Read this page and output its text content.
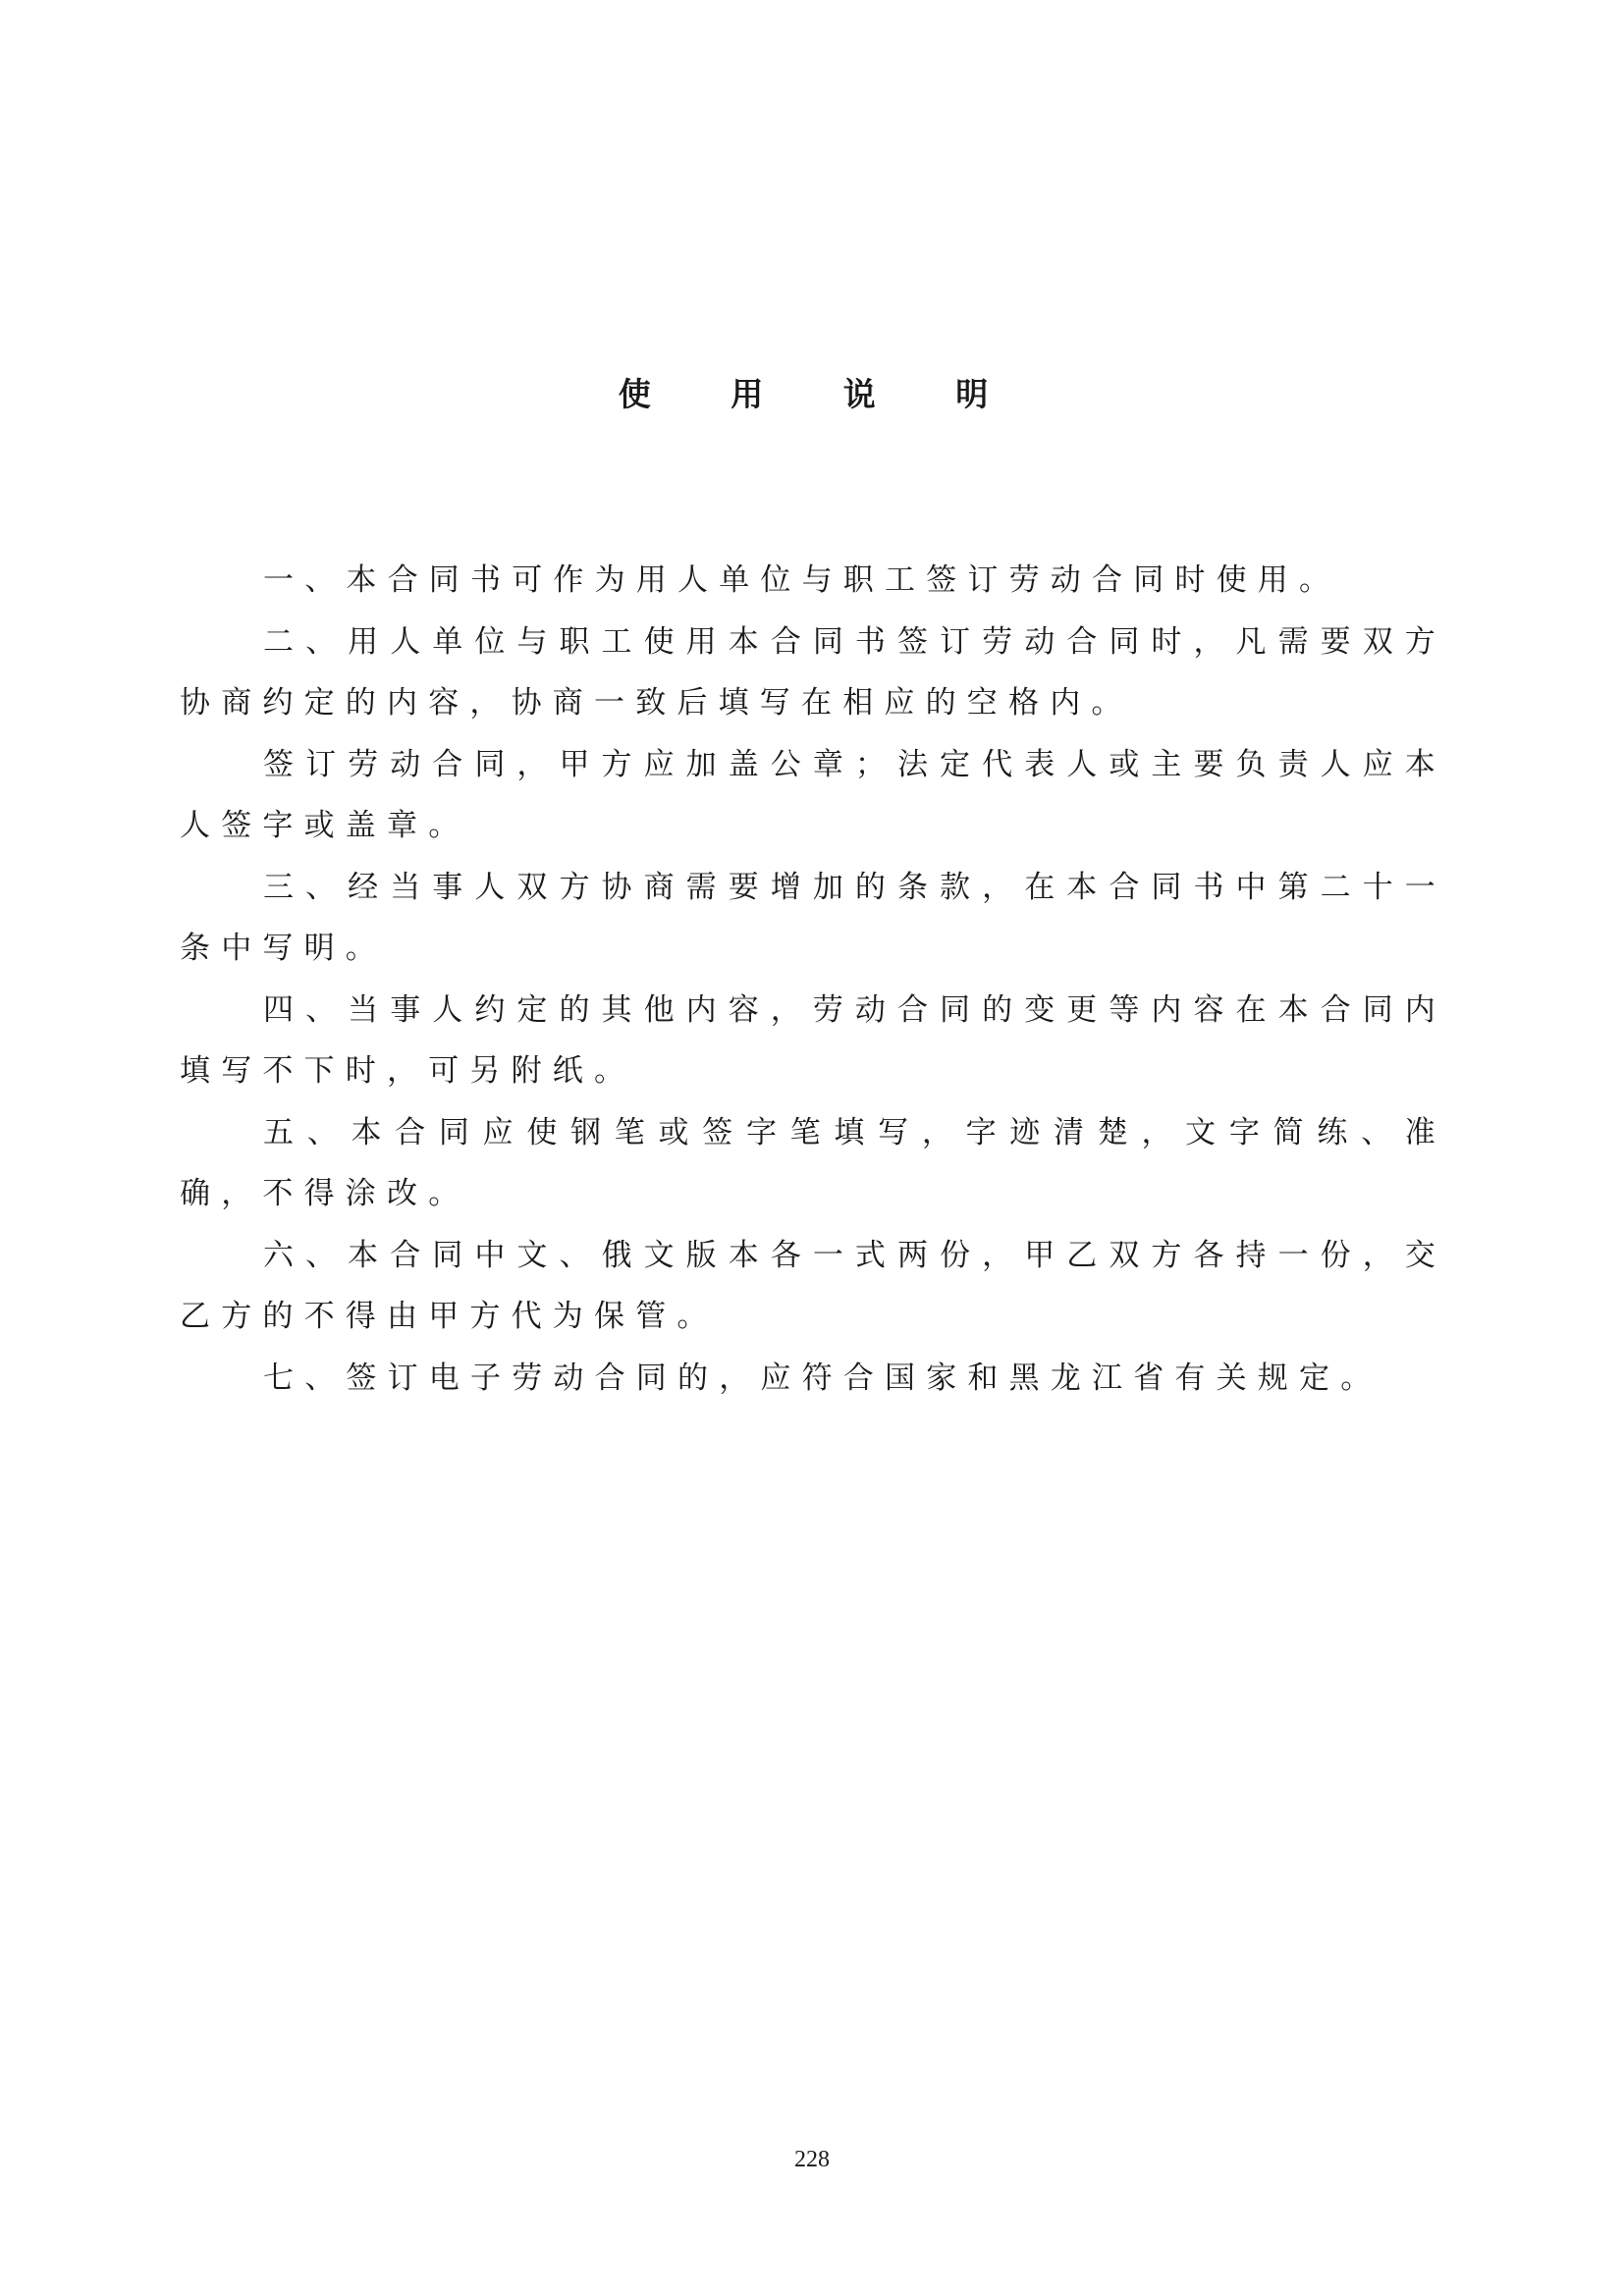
使 用 说 明

一、本合同书可作为用人单位与职工签订劳动合同时使用。

二、用人单位与职工使用本合同书签订劳动合同时，凡需要双方协商约定的内容，协商一致后填写在相应的空格内。

签订劳动合同，甲方应加盖公章；法定代表人或主要负责人应本人签字或盖章。

三、经当事人双方协商需要增加的条款，在本合同书中第二十一条中写明。

四、当事人约定的其他内容，劳动合同的变更等内容在本合同内填写不下时，可另附纸。

五、本合同应使钢笔或签字笔填写，字迹清楚，文字简练、准确，不得涂改。

六、本合同中文、俄文版本各一式两份，甲乙双方各持一份，交乙方的不得由甲方代为保管。

七、签订电子劳动合同的，应符合国家和黑龙江省有关规定。

228
